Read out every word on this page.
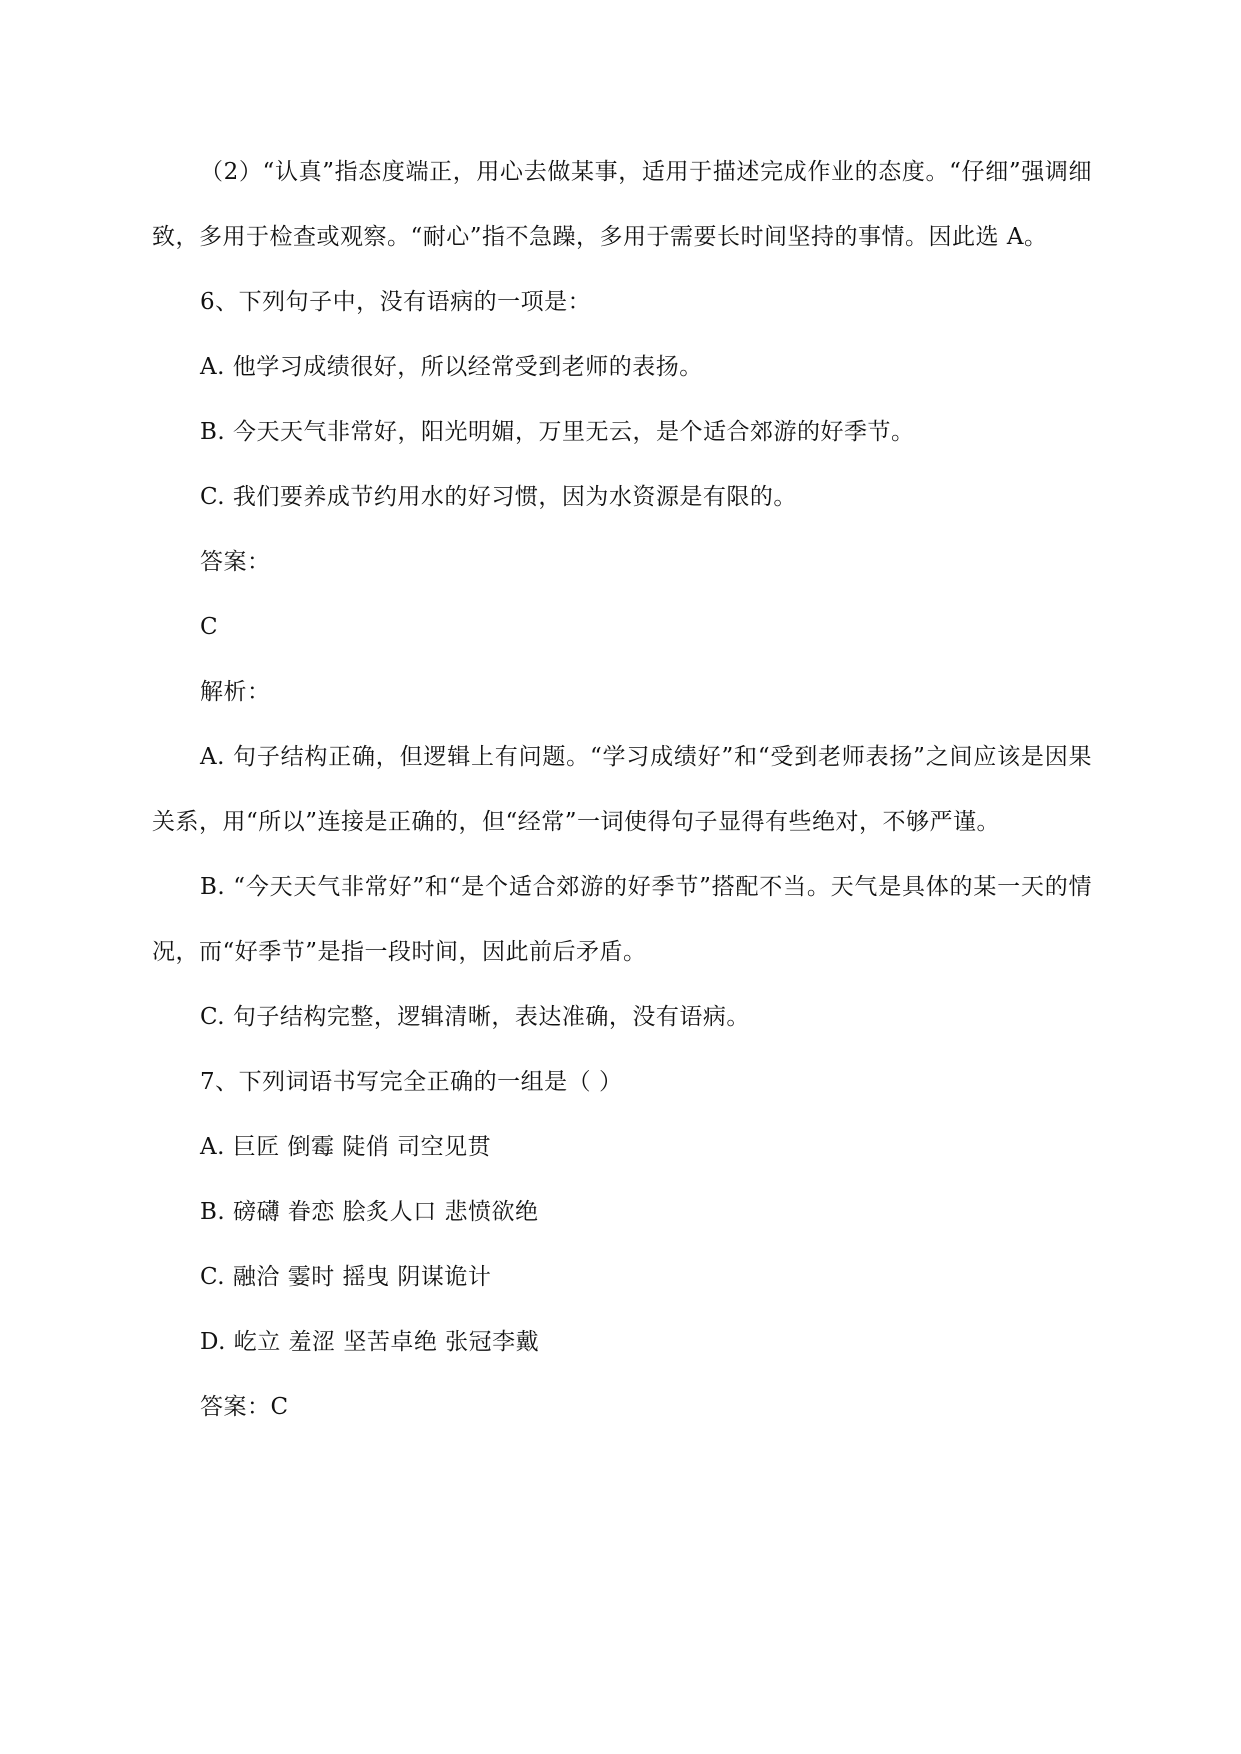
（2）“认真”指态度端正，用心去做某事，适用于描述完成作业的态度。“仔细”强调细致，多用于检查或观察。“耐心”指不急躁，多用于需要长时间坚持的事情。因此选 A。

6、下列句子中，没有语病的一项是：

A. 他学习成绩很好，所以经常受到老师的表扬。

B. 今天天气非常好，阳光明媚，万里无云，是个适合郊游的好季节。

C. 我们要养成节约用水的好习惯，因为水资源是有限的。

答案：

C

解析：

A. 句子结构正确，但逻辑上有问题。“学习成绩好”和“受到老师表扬”之间应该是因果关系，用“所以”连接是正确的，但“经常”一词使得句子显得有些绝对，不够严谨。

B. “今天天气非常好”和“是个适合郊游的好季节”搭配不当。天气是具体的某一天的情况，而“好季节”是指一段时间，因此前后矛盾。

C. 句子结构完整，逻辑清晰，表达准确，没有语病。

7、下列词语书写完全正确的一组是（ ）

A. 巨匠 倒霉 陡俏 司空见贯

B. 磅礴 眷恋 脍炙人口 悲愤欲绝

C. 融洽 霎时 摇曳 阴谋诡计

D. 屹立 羞涩 坚苦卓绝 张冠李戴

答案：C
